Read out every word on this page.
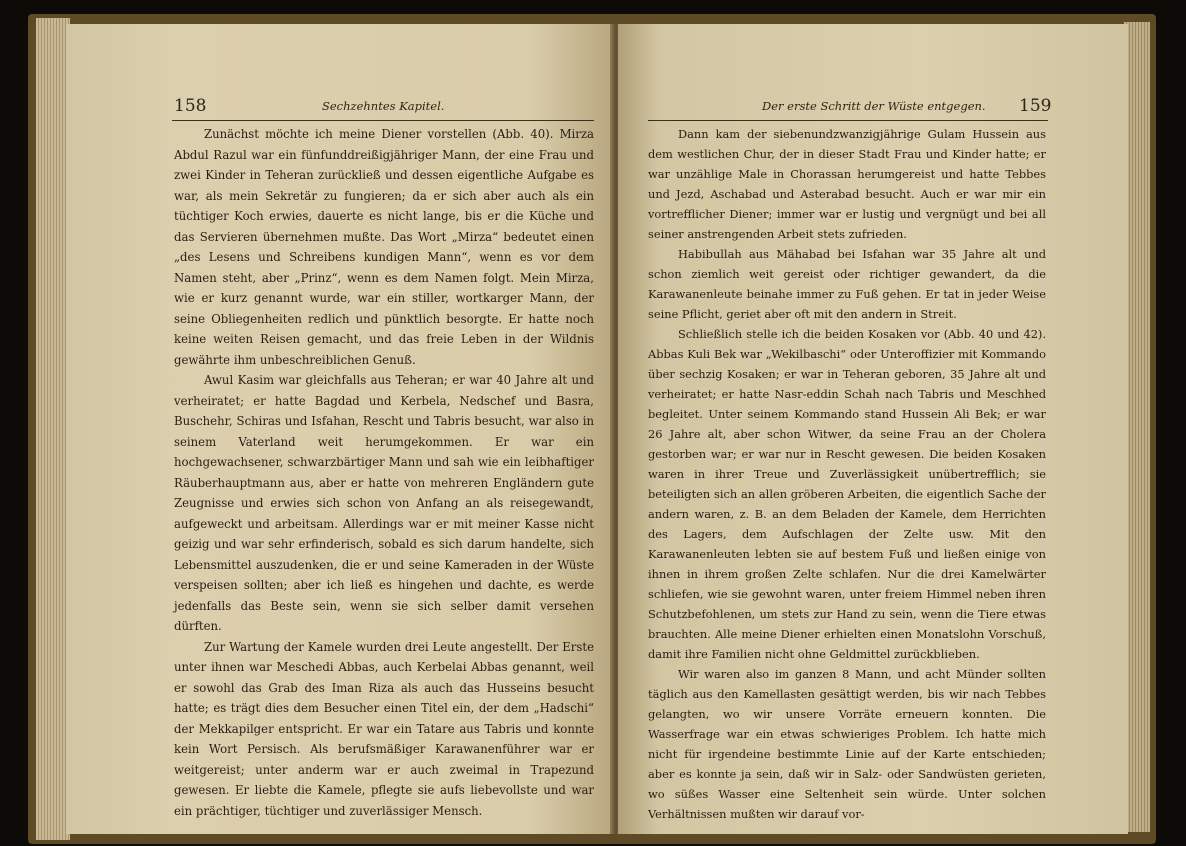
158	Sechzehntes Kapitel.

Zunächst möchte ich meine Diener vorstellen (Abb. 40). Mirza Abdul Razul war ein fünfunddreißigjähriger Mann, der eine Frau und zwei Kinder in Teheran zurückließ und dessen eigentliche Aufgabe es war, als mein Sekretär zu fungieren; da er sich aber auch als ein tüchtiger Koch erwies, dauerte es nicht lange, bis er die Küche und das Servieren übernehmen mußte. Das Wort „Mirza“ bedeutet einen „des Lesens und Schreibens kundigen Mann“, wenn es vor dem Namen steht, aber „Prinz“, wenn es dem Namen folgt. Mein Mirza, wie er kurz genannt wurde, war ein stiller, wortkarger Mann, der seine Obliegenheiten redlich und pünktlich besorgte. Er hatte noch keine weiten Reisen gemacht, und das freie Leben in der Wildnis gewährte ihm unbeschreiblichen Genuß.

Awul Kasim war gleichfalls aus Teheran; er war 40 Jahre alt und verheiratet; er hatte Bagdad und Kerbela, Nedschef und Basra, Buschehr, Schiras und Isfahan, Rescht und Tabris besucht, war also in seinem Vaterland weit herumgekommen. Er war ein hochgewachsener, schwarzbärtiger Mann und sah wie ein leibhaftiger Räuberhauptmann aus, aber er hatte von mehreren Engländern gute Zeugnisse und erwies sich schon von Anfang an als reisegewandt, aufgeweckt und arbeitsam. Allerdings war er mit meiner Kasse nicht geizig und war sehr erfinderisch, sobald es sich darum handelte, sich Lebensmittel auszudenken, die er und seine Kameraden in der Wüste verspeisen sollten; aber ich ließ es hingehen und dachte, es werde jedenfalls das Beste sein, wenn sie sich selber damit versehen dürften.

Zur Wartung der Kamele wurden drei Leute angestellt. Der Erste unter ihnen war Meschedi Abbas, auch Kerbelai Abbas genannt, weil er sowohl das Grab des Iman Riza als auch das Husseins besucht hatte; es trägt dies dem Besucher einen Titel ein, der dem „Hadschi“ der Mekkapilger entspricht. Er war ein Tatare aus Tabris und konnte kein Wort Persisch. Als berufsmäßiger Karawanenführer war er weitgereist; unter anderm war er auch zweimal in Trapezund gewesen. Er liebte die Kamele, pflegte sie aufs liebevollste und war ein prächtiger, tüchtiger und zuverlässiger Mensch.

Der erste Schritt der Wüste entgegen. 159

Dann kam der siebenundzwanzigjährige Gulam Hussein aus dem westlichen Chur, der in dieser Stadt Frau und Kinder hatte; er war unzählige Male in Chorassan herumgereist und hatte Tebbes und Jezd, Aschabad und Asterabad besucht. Auch er war mir ein vortrefflicher Diener; immer war er lustig und vergnügt und bei all seiner anstrengenden Arbeit stets zufrieden.

Habibullah aus Mähabad bei Isfahan war 35 Jahre alt und schon ziemlich weit gereist oder richtiger gewandert, da die Karawanenleute beinahe immer zu Fuß gehen. Er tat in jeder Weise seine Pflicht, geriet aber oft mit den andern in Streit.

Schließlich stelle ich die beiden Kosaken vor (Abb. 40 und 42). Abbas Kuli Bek war „Wekilbaschi“ oder Unteroffizier mit Kommando über sechzig Kosaken; er war in Teheran geboren, 35 Jahre alt und verheiratet; er hatte Nasr-eddin Schah nach Tabris und Meschhed begleitet. Unter seinem Kommando stand Hussein Ali Bek; er war 26 Jahre alt, aber schon Witwer, da seine Frau an der Cholera gestorben war; er war nur in Rescht gewesen. Die beiden Kosaken waren in ihrer Treue und Zuverlässigkeit unübertrefflich; sie beteiligten sich an allen gröberen Arbeiten, die eigentlich Sache der andern waren, z. B. an dem Beladen der Kamele, dem Herrichten des Lagers, dem Aufschlagen der Zelte usw. Mit den Karawanenleuten lebten sie auf bestem Fuß und ließen einige von ihnen in ihrem großen Zelte schlafen. Nur die drei Kamelwärter schliefen, wie sie gewohnt waren, unter freiem Himmel neben ihren Schutzbefohlenen, um stets zur Hand zu sein, wenn die Tiere etwas brauchten. Alle meine Diener erhielten einen Monatslohn Vorschuß, damit ihre Familien nicht ohne Geldmittel zurückblieben.

Wir waren also im ganzen 8 Mann, und acht Münder sollten täglich aus den Kamellasten gesättigt werden, bis wir nach Tebbes gelangten, wo wir unsere Vorräte erneuern konnten. Die Wasserfrage war ein etwas schwieriges Problem. Ich hatte mich nicht für irgendeine bestimmte Linie auf der Karte entschieden; aber es konnte ja sein, daß wir in Salz- oder Sandwüsten gerieten, wo süßes Wasser eine Seltenheit sein würde. Unter solchen Verhältnissen mußten wir darauf vor-
